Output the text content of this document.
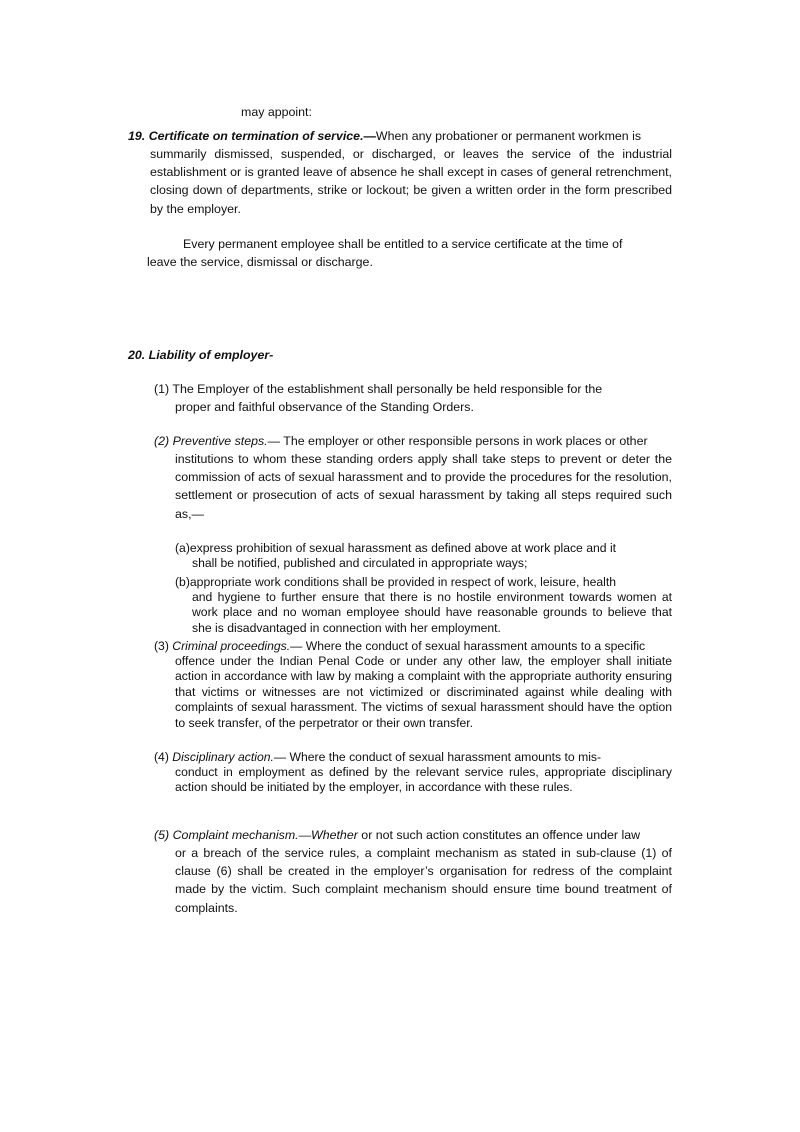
may appoint:
19. Certificate on termination of service.—When any probationer or permanent workmen is
summarily dismissed, suspended, or discharged, or leaves the service of the industrial establishment or is granted leave of absence he shall except in cases of general retrenchment, closing down of departments, strike or lockout; be given a written order in the form prescribed by the employer.
Every permanent employee shall be entitled to a service certificate at the time of
leave the service, dismissal or discharge.
20. Liability of employer-
(1) The Employer of the establishment shall personally be held responsible for the
proper and faithful observance of the Standing Orders.
(2) Preventive steps.— The employer or other responsible persons in work places or other
institutions to whom these standing orders apply shall take steps to prevent or deter the commission of acts of sexual harassment and to provide the procedures for the resolution, settlement or prosecution of acts of sexual harassment by taking all steps required such as,—
(a)express prohibition of sexual harassment as defined above at work place and it
shall be notified, published and circulated in appropriate ways;
(b)appropriate work conditions shall be provided in respect of work, leisure, health
and hygiene to further ensure that there is no hostile environment towards women at work place and no woman employee should have reasonable grounds to believe that she is disadvantaged in connection with her employment.
(3) Criminal proceedings.— Where the conduct of sexual harassment amounts to a specific
offence under the Indian Penal Code or under any other law, the employer shall initiate action in accordance with law by making a complaint with the appropriate authority ensuring that victims or witnesses are not victimized or discriminated against while dealing with complaints of sexual harassment. The victims of sexual harassment should have the option to seek transfer, of the perpetrator or their own transfer.
(4) Disciplinary action.— Where the conduct of sexual harassment amounts to mis-
conduct in employment as defined by the relevant service rules, appropriate disciplinary action should be initiated by the employer, in accordance with these rules.
(5) Complaint mechanism.—Whether or not such action constitutes an offence under law
or a breach of the service rules, a complaint mechanism as stated in sub-clause (1) of clause (6) shall be created in the employer’s organisation for redress of the complaint made by the victim. Such complaint mechanism should ensure time bound treatment of complaints.
